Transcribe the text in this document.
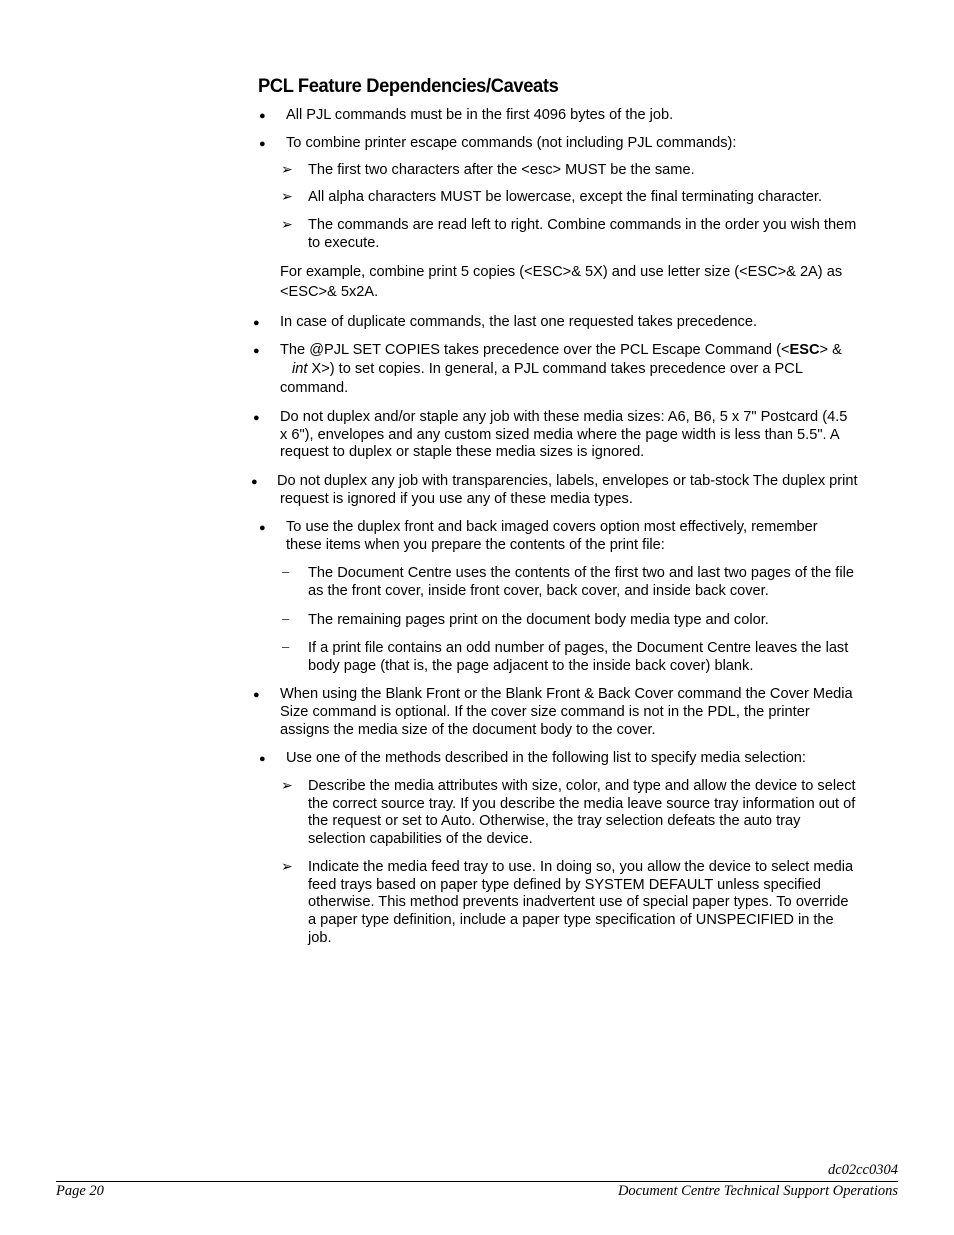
PCL Feature Dependencies/Caveats
● All PJL commands must be in the first 4096 bytes of the job.
● To combine printer escape commands (not including PJL commands):
➢ The first two characters after the <esc> MUST be the same.
➢ All alpha characters MUST be lowercase, except the final terminating character.
➢ The commands are read left to right. Combine commands in the order you wish them
to execute.
For example, combine print 5 copies (<ESC>& 5X) and use letter size (<ESC>& 2A) as
<ESC>& 5x2A.
● In case of duplicate commands, the last one requested takes precedence.
● The @PJL SET COPIES takes precedence over the PCL Escape Command (<ESC> &
int X>) to set copies. In general, a PJL command takes precedence over a PCL
command.
● Do not duplex and/or staple any job with these media sizes: A6, B6, 5 x 7" Postcard (4.5
x 6"), envelopes and any custom sized media where the page width is less than 5.5". A
request to duplex or staple these media sizes is ignored.
● Do not duplex any job with transparencies, labels, envelopes or tab-stock The duplex print
request is ignored if you use any of these media types.
● To use the duplex front and back imaged covers option most effectively, remember
these items when you prepare the contents of the print file:
– The Document Centre uses the contents of the first two and last two pages of the file
as the front cover, inside front cover, back cover, and inside back cover.
– The remaining pages print on the document body media type and color.
– If a print file contains an odd number of pages, the Document Centre leaves the last
body page (that is, the page adjacent to the inside back cover) blank.
● When using the Blank Front or the Blank Front & Back Cover command the Cover Media
Size command is optional. If the cover size command is not in the PDL, the printer
assigns the media size of the document body to the cover.
● Use one of the methods described in the following list to specify media selection:
➢ Describe the media attributes with size, color, and type and allow the device to select
the correct source tray. If you describe the media leave source tray information out of
the request or set to Auto. Otherwise, the tray selection defeats the auto tray
selection capabilities of the device.
➢ Indicate the media feed tray to use. In doing so, you allow the device to select media
feed trays based on paper type defined by SYSTEM DEFAULT unless specified
otherwise. This method prevents inadvertent use of special paper types. To override
a paper type definition, include a paper type specification of UNSPECIFIED in the
job.
dc02cc0304
Page 20	Document Centre Technical Support Operations
